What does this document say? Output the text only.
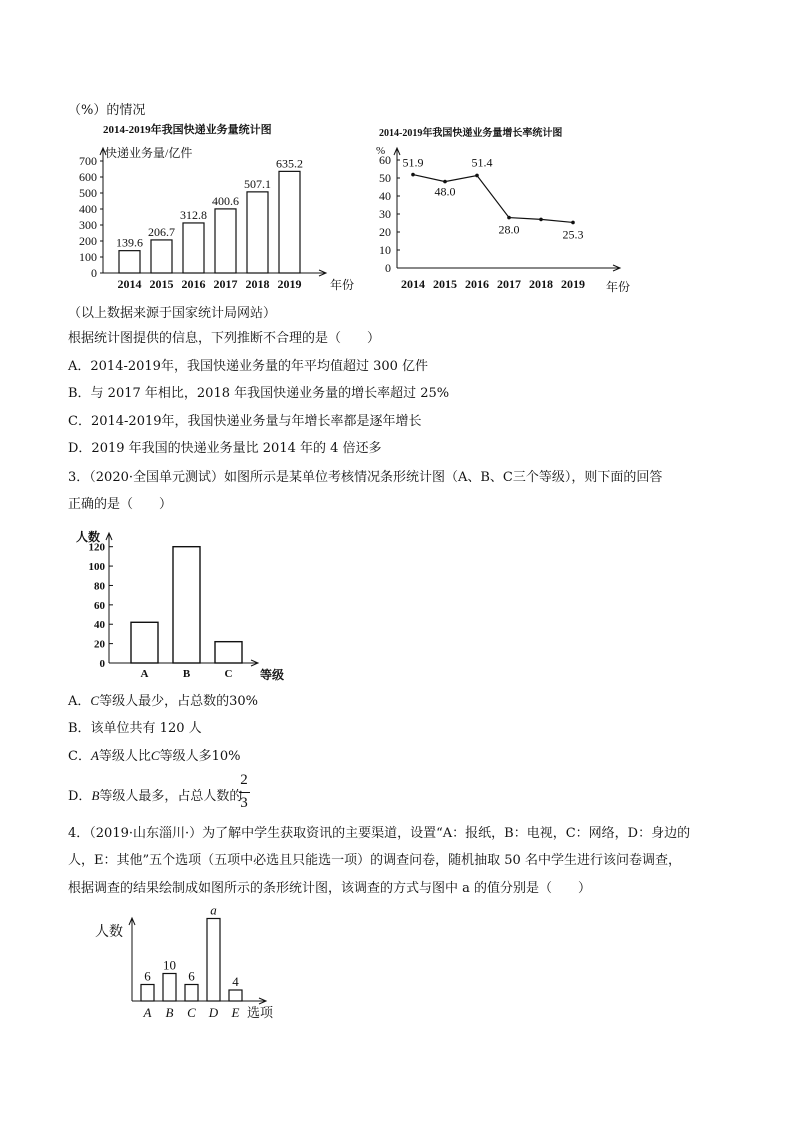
（%）的情况
2014-2019年我国快递业务量统计图
快递业务量/亿件
年份
0
100
200
300
400
500
600
700
139.6
2014
206.7
2015
312.8
2016
400.6
2017
507.1
2018
635.2
2019
2014-2019年我国快递业务量增长率统计图
%
年份
0
10
20
30
40
50
60 51.9
48.0
51.4
28.0	25.3
2014 2015 2016 2017 2018 2019
（以上数据来源于国家统计局网站）
根据统计图提供的信息，下列推断不合理的是（　　）
A．2014-2019年，我国快递业务量的年平均值超过 300 亿件
B．与 2017 年相比，2018 年我国快递业务量的增长率超过 25%
C．2014-2019年，我国快递业务量与年增长率都是逐年增长
D．2019 年我国的快递业务量比 2014 年的 4 倍还多
3．（2020·全国单元测试）如图所示是某单位考核情况条形统计图（A、B、C三个等级），则下面的回答
正确的是（　　）
人数
等级
0
20
40
60
80
100
120
A	B	C
A．C等级人最少，占总数的30%
B．该单位共有 120 人
C．A等级人比C等级人多10%
D．B等级人最多，占总人数的
2
3
4．（2019·山东淄川·）为了解中学生获取资讯的主要渠道，设置“A：报纸，B：电视，C：网络，D：身边的
人，E：其他”五个选项（五项中必选且只能选一项）的调查问卷，随机抽取 50 名中学生进行该问卷调查，
根据调查的结果绘制成如图所示的条形统计图，该调查的方式与图中 a 的值分别是（　　）
人数
选项
6
A
10
B
6
C
a
D
4
E
